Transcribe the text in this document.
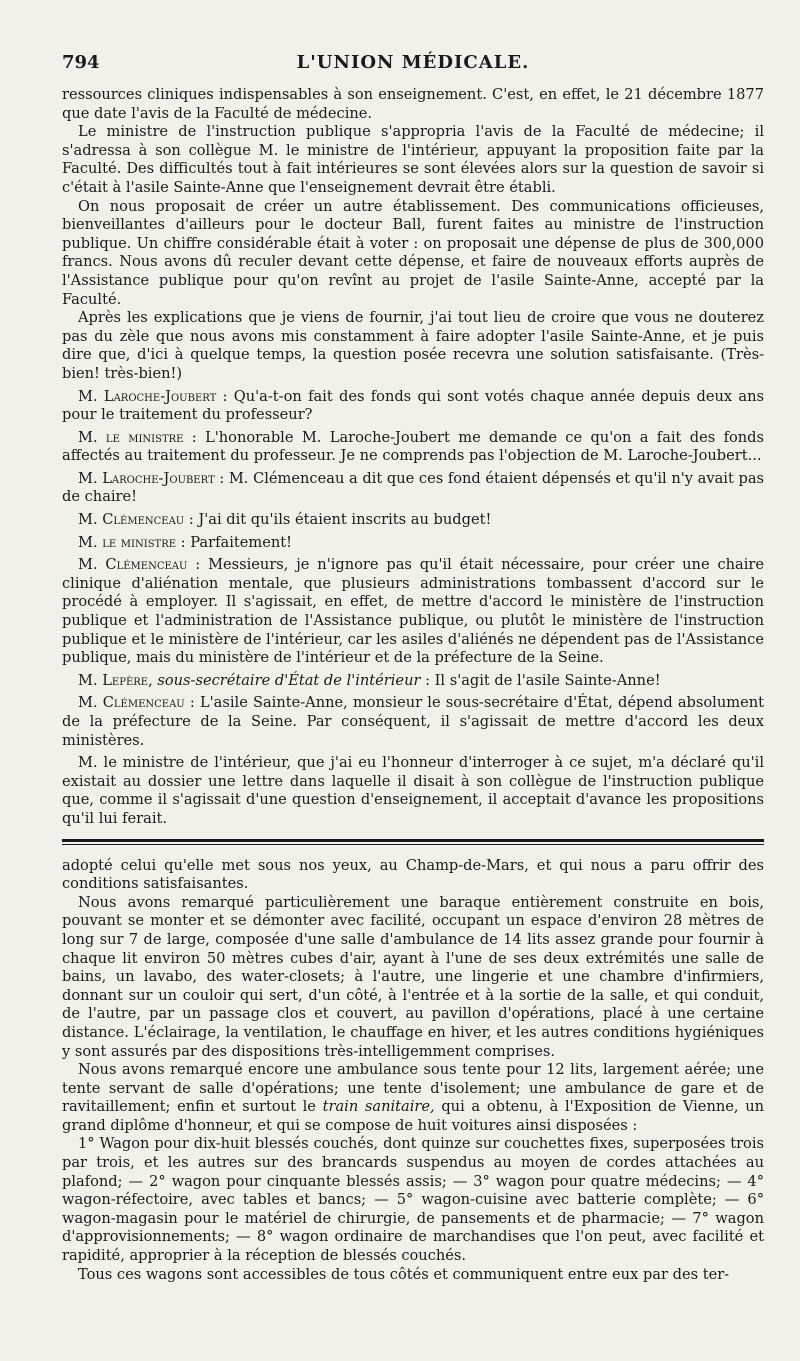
794	L'UNION MÉDICALE.

ressources cliniques indispensables à son enseignement. C'est, en effet, le 21 décembre 1877 que date l'avis de la Faculté de médecine.

Le ministre de l'instruction publique s'appropria l'avis de la Faculté de médecine; il s'adressa à son collègue M. le ministre de l'intérieur, appuyant la proposition faite par la Faculté. Des difficultés tout à fait intérieures se sont élevées alors sur la question de savoir si c'était à l'asile Sainte-Anne que l'enseignement devrait être établi.

On nous proposait de créer un autre établissement. Des communications officieuses, bienveillantes d'ailleurs pour le docteur Ball, furent faites au ministre de l'instruction publique. Un chiffre considérable était à voter : on proposait une dépense de plus de 300,000 francs. Nous avons dû reculer devant cette dépense, et faire de nouveaux efforts auprès de l'Assistance publique pour qu'on revînt au projet de l'asile Sainte-Anne, accepté par la Faculté.

Après les explications que je viens de fournir, j'ai tout lieu de croire que vous ne douterez pas du zèle que nous avons mis constamment à faire adopter l'asile Sainte-Anne, et je puis dire que, d'ici à quelque temps, la question posée recevra une solution satisfaisante. (Très-bien! très-bien!)

M. Laroche-Joubert : Qu'a-t-on fait des fonds qui sont votés chaque année depuis deux ans pour le traitement du professeur?

M. le ministre : L'honorable M. Laroche-Joubert me demande ce qu'on a fait des fonds affectés au traitement du professeur. Je ne comprends pas l'objection de M. Laroche-Joubert...

M. Laroche-Joubert : M. Clémenceau a dit que ces fond étaient dépensés et qu'il n'y avait pas de chaire!

M. Clémenceau : J'ai dit qu'ils étaient inscrits au budget!

M. le ministre : Parfaitement!

M. Clémenceau : Messieurs, je n'ignore pas qu'il était nécessaire, pour créer une chaire clinique d'aliénation mentale, que plusieurs administrations tombassent d'accord sur le procédé à employer. Il s'agissait, en effet, de mettre d'accord le ministère de l'instruction publique et l'administration de l'Assistance publique, ou plutôt le ministère de l'instruction publique et le ministère de l'intérieur, car les asiles d'aliénés ne dépendent pas de l'Assistance publique, mais du ministère de l'intérieur et de la préfecture de la Seine.

M. Lepère, sous-secrétaire d'État de l'intérieur : Il s'agit de l'asile Sainte-Anne!

M. Clémenceau : L'asile Sainte-Anne, monsieur le sous-secrétaire d'État, dépend absolument de la préfecture de la Seine. Par conséquent, il s'agissait de mettre d'accord les deux ministères.

M. le ministre de l'intérieur, que j'ai eu l'honneur d'interroger à ce sujet, m'a déclaré qu'il existait au dossier une lettre dans laquelle il disait à son collègue de l'instruction publique que, comme il s'agissait d'une question d'enseignement, il acceptait d'avance les propositions qu'il lui ferait.

adopté celui qu'elle met sous nos yeux, au Champ-de-Mars, et qui nous a paru offrir des conditions satisfaisantes.

Nous avons remarqué particulièrement une baraque entièrement construite en bois, pouvant se monter et se démonter avec facilité, occupant un espace d'environ 28 mètres de long sur 7 de large, composée d'une salle d'ambulance de 14 lits assez grande pour fournir à chaque lit environ 50 mètres cubes d'air, ayant à l'une de ses deux extrémités une salle de bains, un lavabo, des water-closets; à l'autre, une lingerie et une chambre d'infirmiers, donnant sur un couloir qui sert, d'un côté, à l'entrée et à la sortie de la salle, et qui conduit, de l'autre, par un passage clos et couvert, au pavillon d'opérations, placé à une certaine distance. L'éclairage, la ventilation, le chauffage en hiver, et les autres conditions hygiéniques y sont assurés par des dispositions très-intelligemment comprises.

Nous avons remarqué encore une ambulance sous tente pour 12 lits, largement aérée; une tente servant de salle d'opérations; une tente d'isolement; une ambulance de gare et de ravitaillement; enfin et surtout le train sanitaire, qui a obtenu, à l'Exposition de Vienne, un grand diplôme d'honneur, et qui se compose de huit voitures ainsi disposées :

1° Wagon pour dix-huit blessés couchés, dont quinze sur couchettes fixes, superposées trois par trois, et les autres sur des brancards suspendus au moyen de cordes attachées au plafond; — 2° wagon pour cinquante blessés assis; — 3° wagon pour quatre médecins; — 4° wagon-réfectoire, avec tables et bancs; — 5° wagon-cuisine avec batterie complète; — 6° wagon-magasin pour le matériel de chirurgie, de pansements et de pharmacie; — 7° wagon d'approvisionnements; — 8° wagon ordinaire de marchandises que l'on peut, avec facilité et rapidité, approprier à la réception de blessés couchés.

Tous ces wagons sont accessibles de tous côtés et communiquent entre eux par des ter-
